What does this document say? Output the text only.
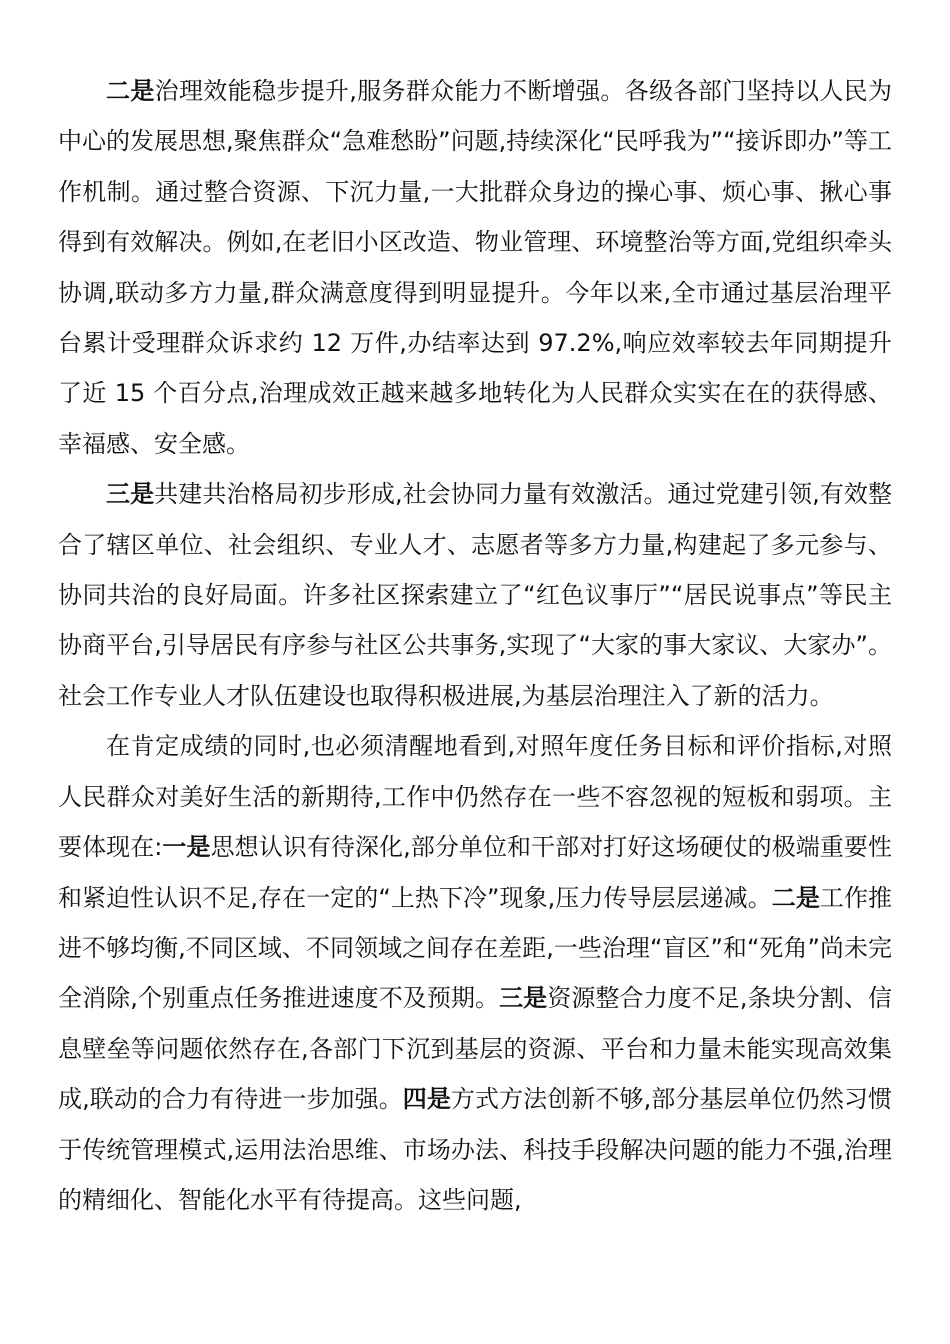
二是治理效能稳步提升,服务群众能力不断增强。各级各部门坚持以人民为中心的发展思想,聚焦群众“急难愁盼”问题,持续深化“民呼我为”“接诉即办”等工作机制。通过整合资源、下沉力量,一大批群众身边的操心事、烦心事、揪心事得到有效解决。例如,在老旧小区改造、物业管理、环境整治等方面,党组织牵头协调,联动多方力量,群众满意度得到明显提升。今年以来,全市通过基层治理平台累计受理群众诉求约 12 万件,办结率达到 97.2%,响应效率较去年同期提升了近 15 个百分点,治理成效正越来越多地转化为人民群众实实在在的获得感、幸福感、安全感。

三是共建共治格局初步形成,社会协同力量有效激活。通过党建引领,有效整合了辖区单位、社会组织、专业人才、志愿者等多方力量,构建起了多元参与、协同共治的良好局面。许多社区探索建立了“红色议事厅”“居民说事点”等民主协商平台,引导居民有序参与社区公共事务,实现了“大家的事大家议、大家办”。社会工作专业人才队伍建设也取得积极进展,为基层治理注入了新的活力。

在肯定成绩的同时,也必须清醒地看到,对照年度任务目标和评价指标,对照人民群众对美好生活的新期待,工作中仍然存在一些不容忽视的短板和弱项。主要体现在:一是思想认识有待深化,部分单位和干部对打好这场硬仗的极端重要性和紧迫性认识不足,存在一定的“上热下冷”现象,压力传导层层递减。二是工作推进不够均衡,不同区域、不同领域之间存在差距,一些治理“盲区”和“死角”尚未完全消除,个别重点任务推进速度不及预期。三是资源整合力度不足,条块分割、信息壁垒等问题依然存在,各部门下沉到基层的资源、平台和力量未能实现高效集成,联动的合力有待进一步加强。四是方式方法创新不够,部分基层单位仍然习惯于传统管理模式,运用法治思维、市场办法、科技手段解决问题的能力不强,治理的精细化、智能化水平有待提高。这些问题,
